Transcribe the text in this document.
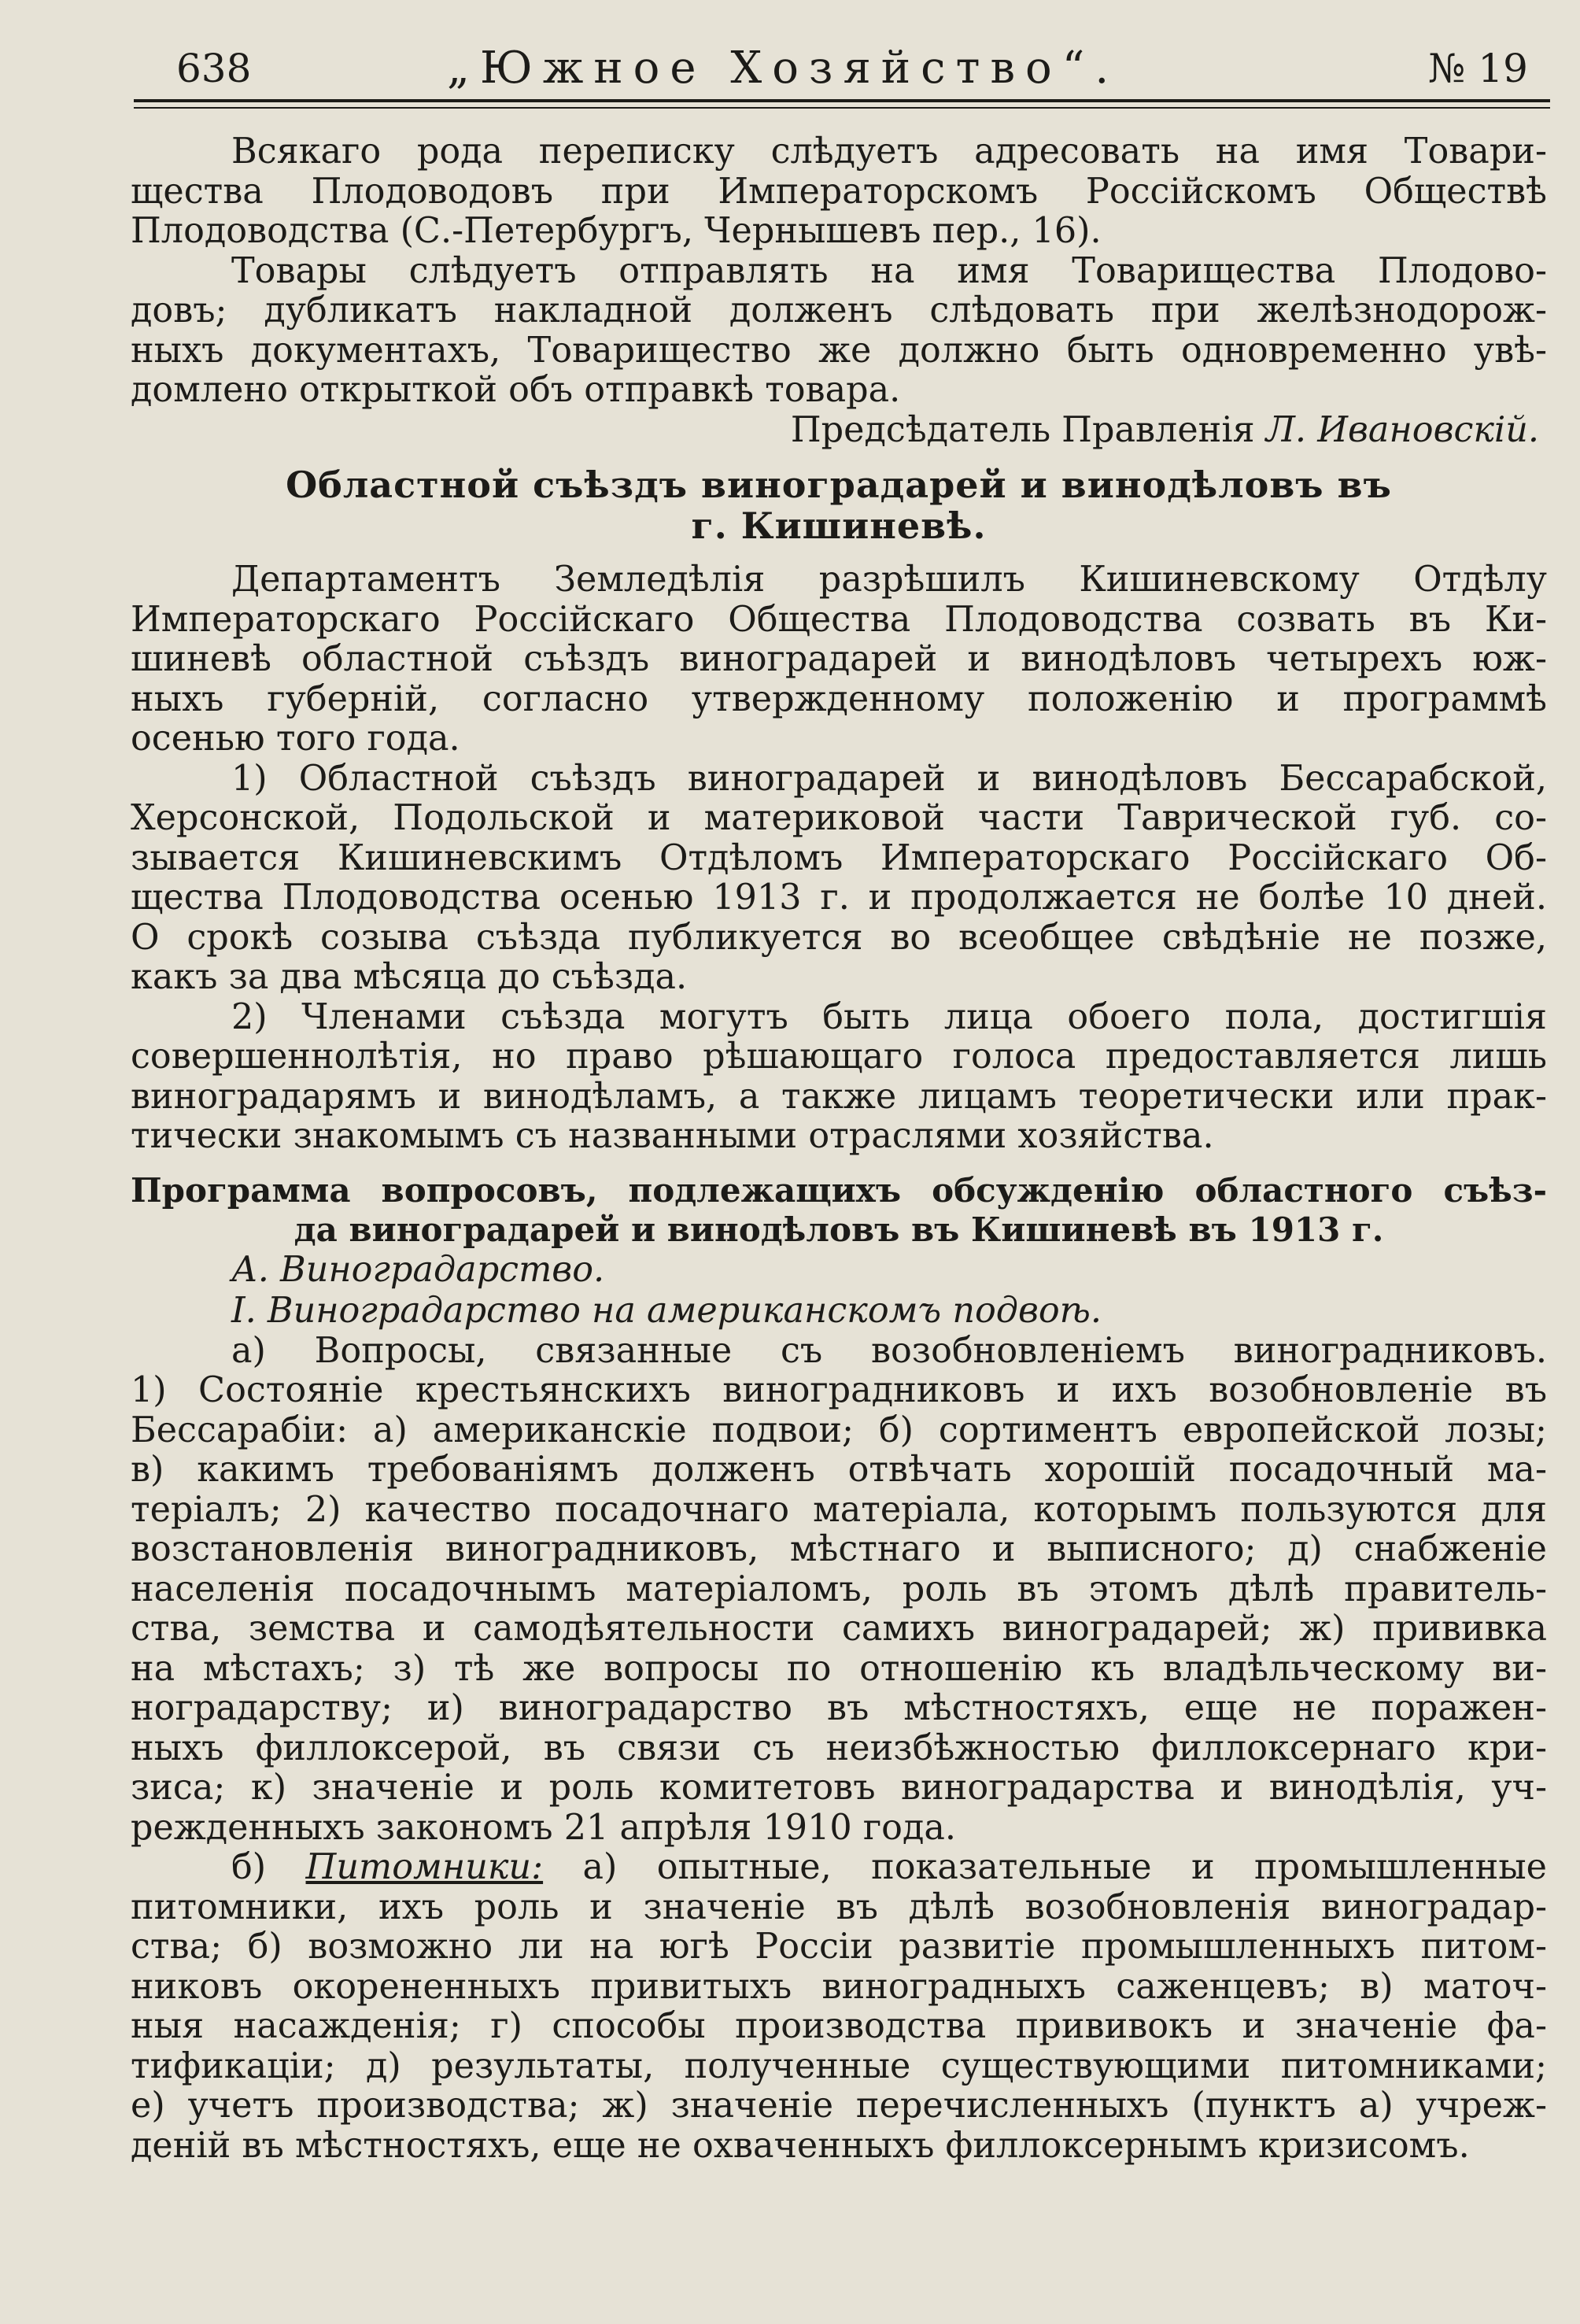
638	„Южное Хозяйство“.	№ 19
Всякаго рода переписку слѣдуетъ адресовать на имя Товари-
щества Плодоводовъ при Императорскомъ Россійскомъ Обществѣ
Плодоводства (С.-Петербургъ, Чернышевъ пер., 16).
Товары слѣдуетъ отправлять на имя Товарищества Плодово-
довъ; дубликатъ накладной долженъ слѣдовать при желѣзнодорож-
ныхъ документахъ, Товарищество же должно быть одновременно увѣ-
домлено открыткой объ отправкѣ товара.
Предсѣдатель Правленія Л. Ивановскій.
Областной съѣздъ виноградарей и винодѣловъ въ
г. Кишиневѣ.
Департаментъ Земледѣлія разрѣшилъ Кишиневскому Отдѣлу
Императорскаго Россійскаго Общества Плодоводства созвать въ Ки-
шиневѣ областной съѣздъ виноградарей и винодѣловъ четырехъ юж-
ныхъ губерній, согласно утвержденному положенію и программѣ
осенью того года.
1) Областной съѣздъ виноградарей и винодѣловъ Бессарабской,
Херсонской, Подольской и материковой части Таврической губ. со-
зывается Кишиневскимъ Отдѣломъ Императорскаго Россійскаго Об-
щества Плодоводства осенью 1913 г. и продолжается не болѣе 10 дней.
О срокѣ созыва съѣзда публикуется во всеобщее свѣдѣніе не позже,
какъ за два мѣсяца до съѣзда.
2) Членами съѣзда могутъ быть лица обоего пола, достигшія
совершеннолѣтія, но право рѣшающаго голоса предоставляется лишь
виноградарямъ и винодѣламъ, а также лицамъ теоретически или прак-
тически знакомымъ съ названными отраслями хозяйства.
Программа вопросовъ, подлежащихъ обсужденію областного съѣз-
да виноградарей и винодѣловъ въ Кишиневѣ въ 1913 г.
А. Виноградарство.
I. Виноградарство на американскомъ подвоѣ.
а) Вопросы, связанные съ возобновленіемъ виноградниковъ.
1) Состояніе крестьянскихъ виноградниковъ и ихъ возобновленіе въ
Бессарабіи: а) американскіе подвои; б) сортиментъ европейской лозы;
в) какимъ требованіямъ долженъ отвѣчать хорошій посадочный ма-
теріалъ; 2) качество посадочнаго матеріала, которымъ пользуются для
возстановленія виноградниковъ, мѣстнаго и выписного; д) снабженіе
населенія посадочнымъ матеріаломъ, роль въ этомъ дѣлѣ правитель-
ства, земства и самодѣятельности самихъ виноградарей; ж) прививка
на мѣстахъ; з) тѣ же вопросы по отношенію къ владѣльческому ви-
ноградарству; и) виноградарство въ мѣстностяхъ, еще не поражен-
ныхъ филлоксерой, въ связи съ неизбѣжностью филлоксернаго кри-
зиса; к) значеніе и роль комитетовъ виноградарства и винодѣлія, уч-
режденныхъ закономъ 21 апрѣля 1910 года.
б) Питомники: а) опытные, показательные и промышленные
питомники, ихъ роль и значеніе въ дѣлѣ возобновленія виноградар-
ства; б) возможно ли на югѣ Россіи развитіе промышленныхъ питом-
никовъ окорененныхъ привитыхъ виноградныхъ саженцевъ; в) маточ-
ныя насажденія; г) способы производства прививокъ и значеніе фа-
тификаціи; д) результаты, полученные существующими питомниками;
е) учетъ производства; ж) значеніе перечисленныхъ (пунктъ а) учреж-
деній въ мѣстностяхъ, еще не охваченныхъ филлоксернымъ кризисомъ.
